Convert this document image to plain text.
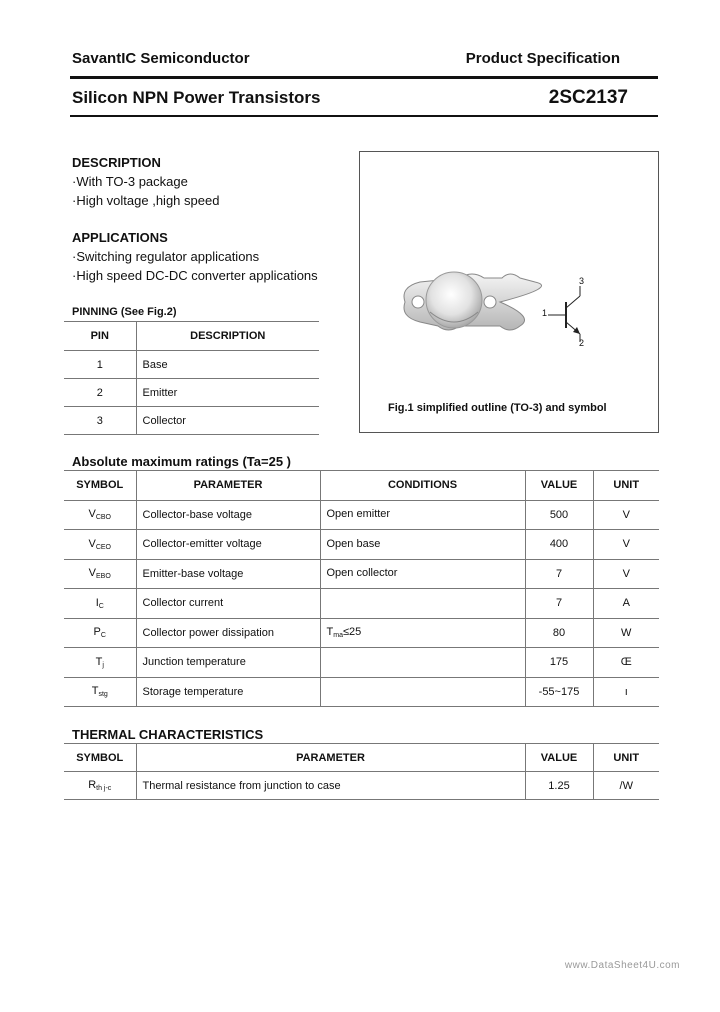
SavantIC Semiconductor	Product Specification
Silicon NPN Power Transistors	2SC2137
DESCRIPTION
·With TO-3 package
·High voltage ,high speed
APPLICATIONS
·Switching regulator applications
·High speed DC-DC converter applications
PINNING (See Fig.2)
PIN	DESCRIPTION
1	Base
2	Emitter
3	Collector
1
2
3
Fig.1 simplified outline (TO-3) and symbol
Absolute maximum ratings (Ta=25 )
SYMBOL	PARAMETER	CONDITIONS	VALUE	UNIT
$V_{CBO}$	Collector-base voltage	Open emitter	500	V
$V_{CEO}$	Collector-emitter voltage	Open base	400	V
$V_{EBO}$	Emitter-base voltage	Open collector	7	V
$I_C$	Collector current		7	A
$P_C$	Collector power dissipation	$T_{ma}\le 25$	80	W
$T_j$	Junction temperature		175	Œ
$T_{stg}$	Storage temperature		-55~175	ı
THERMAL CHARACTERISTICS
SYMBOL	PARAMETER	VALUE	UNIT
$R_{th j-c}$	Thermal resistance from junction to case	1.25	/W
www.DataSheet4U.com
